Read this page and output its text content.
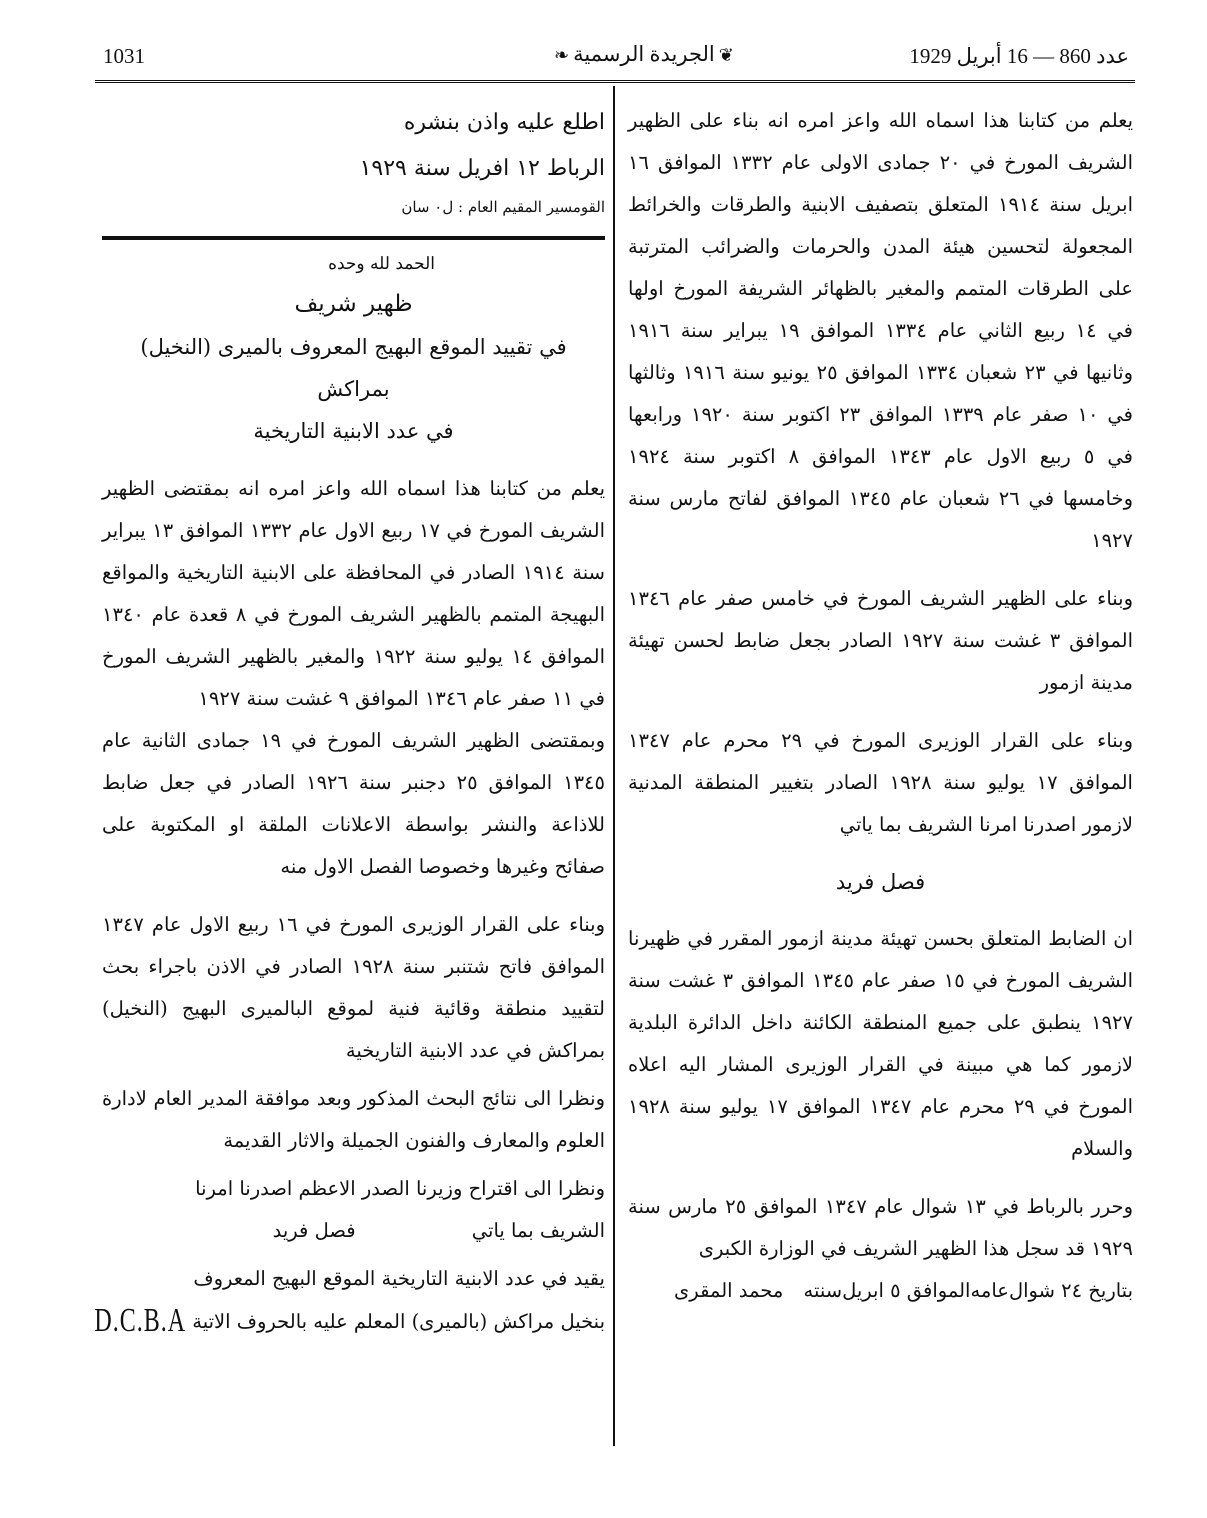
1031	❦الجريدة الرسمية❧	عدد 860 — 16 أبريل 1929

يعلم من كتابنا هذا اسماه الله واعز امره انه بناء على الظهير الشريف المورخ في ٢٠ جمادى الاولى عام ١٣٣٢ الموافق ١٦ ابريل سنة ١٩١٤ المتعلق بتصفيف الابنية والطرقات والخرائط المجعولة لتحسين هيئة المدن والحرمات والضرائب المترتبة على الطرقات المتمم والمغير بالظهائر الشريفة المورخ اولها في ١٤ ربيع الثاني عام ١٣٣٤ الموافق ١٩ يبراير سنة ١٩١٦ وثانيها في ٢٣ شعبان ١٣٣٤ الموافق ٢٥ يونيو سنة ١٩١٦ وثالثها في ١٠ صفر عام ١٣٣٩ الموافق ٢٣ اكتوبر سنة ١٩٢٠ ورابعها في ٥ ربيع الاول عام ١٣٤٣ الموافق ٨ اكتوبر سنة ١٩٢٤ وخامسها في ٢٦ شعبان عام ١٣٤٥ الموافق لفاتح مارس سنة ١٩٢٧

وبناء على الظهير الشريف المورخ في خامس صفر عام ١٣٤٦ الموافق ٣ غشت سنة ١٩٢٧ الصادر بجعل ضابط لحسن تهيئة مدينة ازمور

وبناء على القرار الوزيرى المورخ في ٢٩ محرم عام ١٣٤٧ الموافق ١٧ يوليو سنة ١٩٢٨ الصادر بتغيير المنطقة المدنية لازمور اصدرنا امرنا الشريف بما ياتي

فصل فريد

ان الضابط المتعلق بحسن تهيئة مدينة ازمور المقرر في ظهيرنا الشريف المورخ في ١٥ صفر عام ١٣٤٥ الموافق ٣ غشت سنة ١٩٢٧ ينطبق على جميع المنطقة الكائنة داخل الدائرة البلدية لازمور كما هي مبينة في القرار الوزيرى المشار اليه اعلاه المورخ في ٢٩ محرم عام ١٣٤٧ الموافق ١٧ يوليو سنة ١٩٢٨ والسلام

وحرر بالرباط في ١٣ شوال عام ١٣٤٧ الموافق ٢٥ مارس سنة ١٩٢٩ قد سجل هذا الظهير الشريف في الوزارة الكبرى

بتاريخ ٢٤ شوال‌عامه‌الموافق ٥ ابريل‌سنته محمد المقرى
اطلع عليه واذن بنشره
الرباط ١٢ افريل سنة ١٩٢٩
القومسير المقيم العام : ل٠ سان
الحمد لله وحده
ظهير شريف
في تقييد الموقع البهيج المعروف بالميرى (النخيل) بمراكش
في عدد الابنية التاريخية

يعلم من كتابنا هذا اسماه الله واعز امره انه بمقتضى الظهير الشريف المورخ في ١٧ ربيع الاول عام ١٣٣٢ الموافق ١٣ يبراير سنة ١٩١٤ الصادر في المحافظة على الابنية التاريخية والمواقع البهيجة المتمم بالظهير الشريف المورخ في ٨ قعدة عام ١٣٤٠ الموافق ١٤ يوليو سنة ١٩٢٢ والمغير بالظهير الشريف المورخ في ١١ صفر عام ١٣٤٦ الموافق ٩ غشت سنة ١٩٢٧

وبمقتضى الظهير الشريف المورخ في ١٩ جمادى الثانية عام ١٣٤٥ الموافق ٢٥ دجنبر سنة ١٩٢٦ الصادر في جعل ضابط للاذاعة والنشر بواسطة الاعلانات الملقة او المكتوبة على صفائح وغيرها وخصوصا الفصل الاول منه

وبناء على القرار الوزيرى المورخ في ١٦ ربيع الاول عام ١٣٤٧ الموافق فاتح شتنبر سنة ١٩٢٨ الصادر في الاذن باجراء بحث لتقييد منطقة وقائية فنية لموقع البالميرى البهيج (النخيل) بمراكش في عدد الابنية التاريخية

ونظرا الى نتائج البحث المذكور وبعد موافقة المدير العام لادارة العلوم والمعارف والفنون الجميلة والاثار القديمة

ونظرا الى اقتراح وزيرنا الصدر الاعظم اصدرنا امرنا

الشريف بما ياتي فصل فريد
يقيد في عدد الابنية التاريخية الموقع البهيج المعروف
بنخيل مراكش (بالميرى) المعلم عليه بالحروف الاتية D.C.B.A
